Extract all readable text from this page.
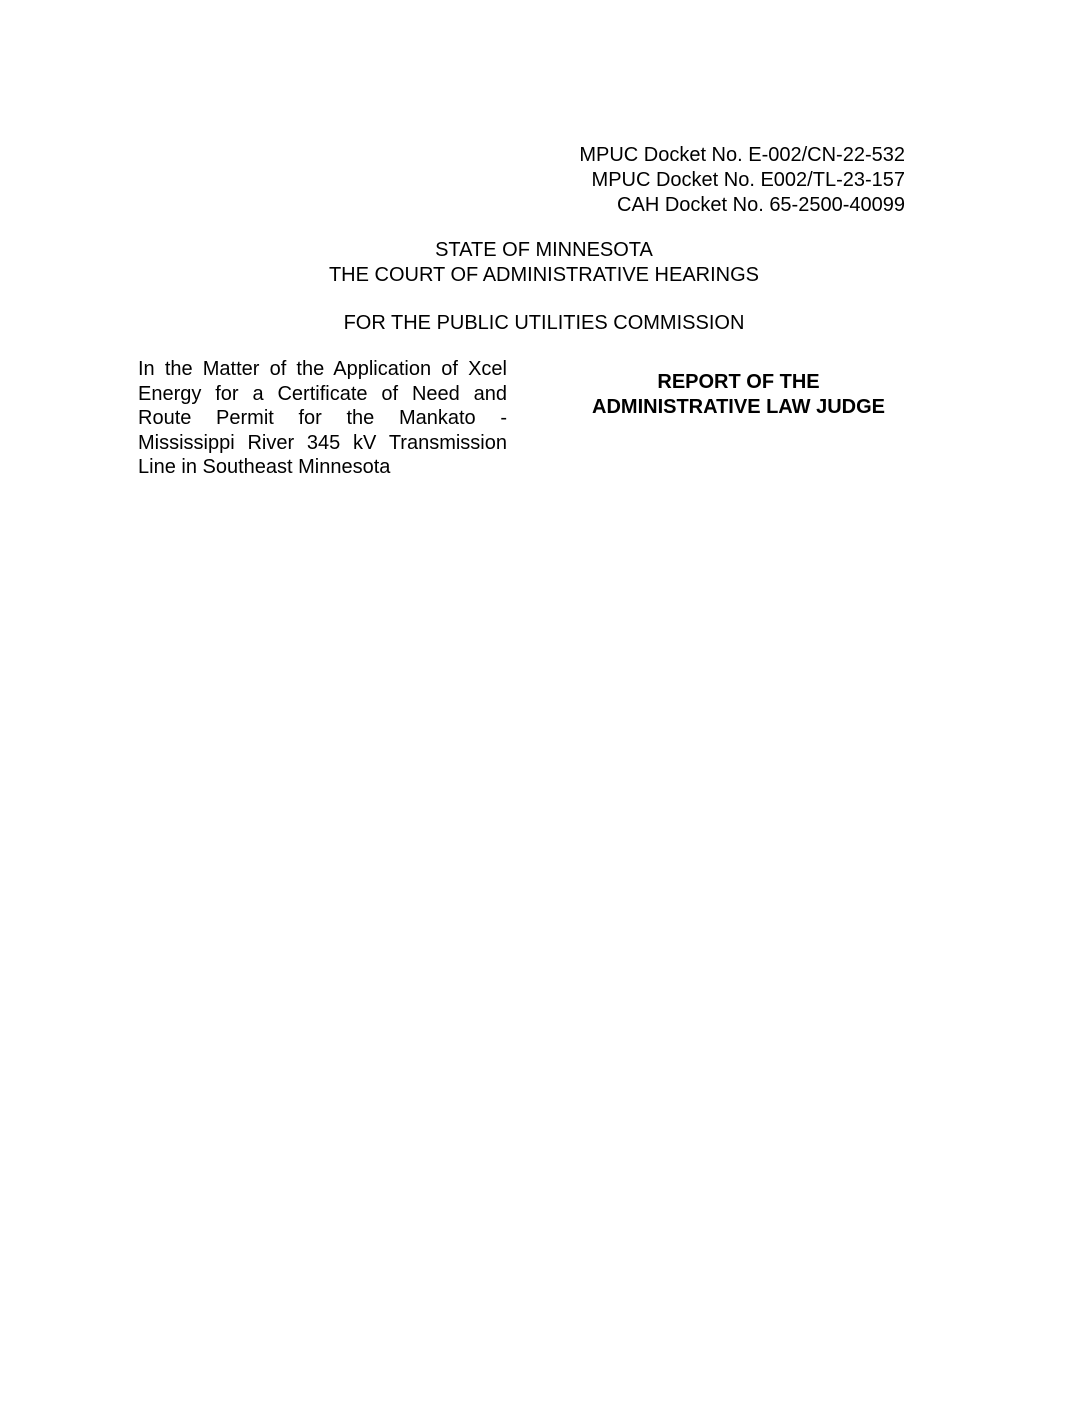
MPUC Docket No. E-002/CN-22-532
MPUC Docket No. E002/TL-23-157
CAH Docket No. 65-2500-40099
STATE OF MINNESOTA
THE COURT OF ADMINISTRATIVE HEARINGS
FOR THE PUBLIC UTILITIES COMMISSION
In the Matter of the Application of Xcel Energy for a Certificate of Need and Route Permit for the Mankato - Mississippi River 345 kV Transmission Line in Southeast Minnesota
REPORT OF THE
ADMINISTRATIVE LAW JUDGE
